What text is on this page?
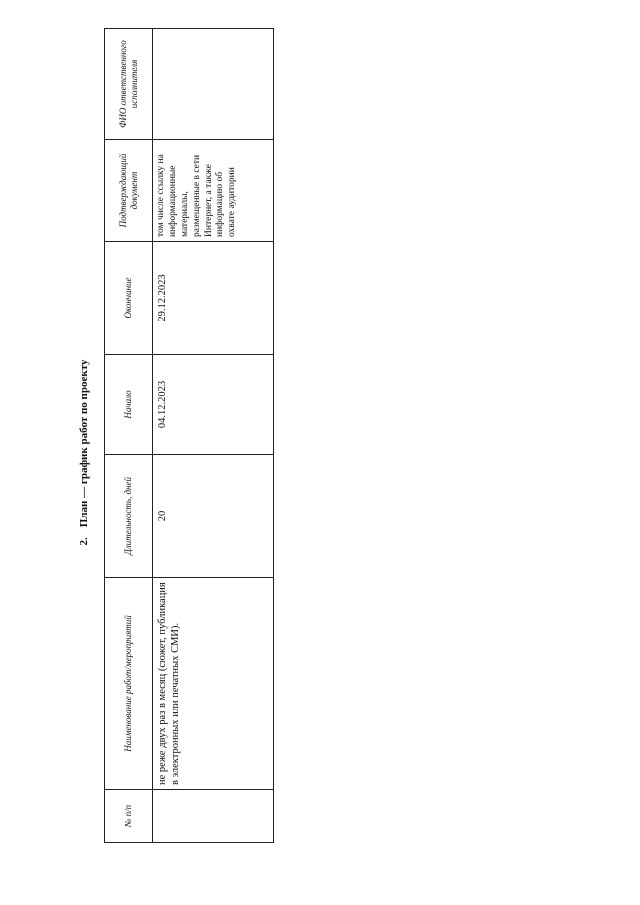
2.План — график работ по проекту
№ п/п	Наименование работ/мероприятий	Длительность, дней	Начало	Окончание	Подтверждающий документ	ФИО ответственного исполнителя
	не реже двух раз в месяц (сюжет, публикация в электронных или печатных СМИ).	20	04.12.2023	29.12.2023	том числе ссылку на информационные материалы, размещенные в сети Интернет, а также информацию об охвате аудитории	
